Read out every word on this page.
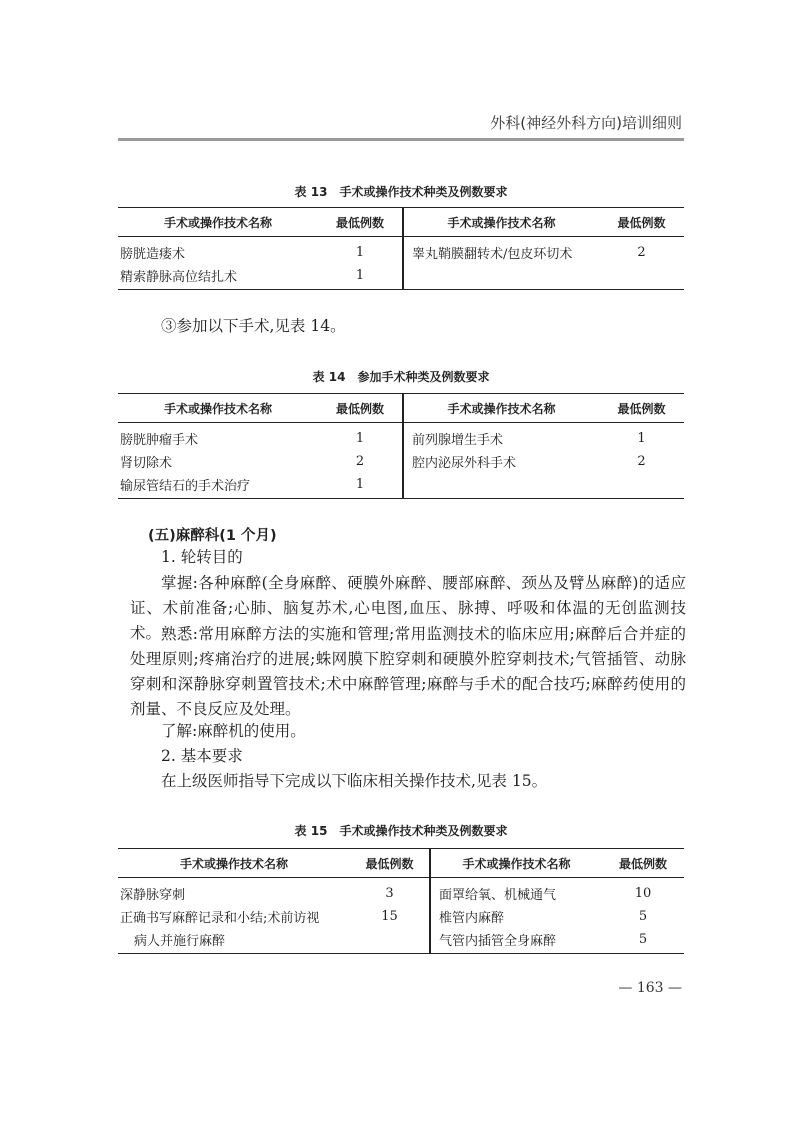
外科(神经外科方向)培训细则
表 13 手术或操作技术种类及例数要求
手术或操作技术名称	最低例数	手术或操作技术名称	最低例数
膀胱造瘘术	1	睾丸鞘膜翻转术/包皮环切术	2
精索静脉高位结扎术	1		
③参加以下手术,见表 14。
表 14 参加手术种类及例数要求
手术或操作技术名称	最低例数	手术或操作技术名称	最低例数
膀胱肿瘤手术	1	前列腺增生手术	1
肾切除术	2	腔内泌尿外科手术	2
输尿管结石的手术治疗	1		
(五)麻醉科(1 个月)
1. 轮转目的
掌握:各种麻醉(全身麻醉、硬膜外麻醉、腰部麻醉、颈丛及臂丛麻醉)的适应证、术前准备;心肺、脑复苏术,心电图,血压、脉搏、呼吸和体温的无创监测技术。 熟悉:常用麻醉方法的实施和管理;常用监测技术的临床应用;麻醉后合并症的处理原则;疼痛治疗的进展;蛛网膜下腔穿刺和硬膜外腔穿刺技术;气管插管、动脉穿刺和深静脉穿刺置管技术;术中麻醉管理;麻醉与手术的配合技巧;麻醉药使用的剂量、不良反应及处理。
了解:麻醉机的使用。
2. 基本要求
在上级医师指导下完成以下临床相关操作技术,见表 15。
表 15 手术或操作技术种类及例数要求
手术或操作技术名称	最低例数	手术或操作技术名称	最低例数
深静脉穿刺	3	面罩给氧、机械通气	10
正确书写麻醉记录和小结;术前访视	15	椎管内麻醉	5
病人并施行麻醉		气管内插管全身麻醉	5
— 163 —
